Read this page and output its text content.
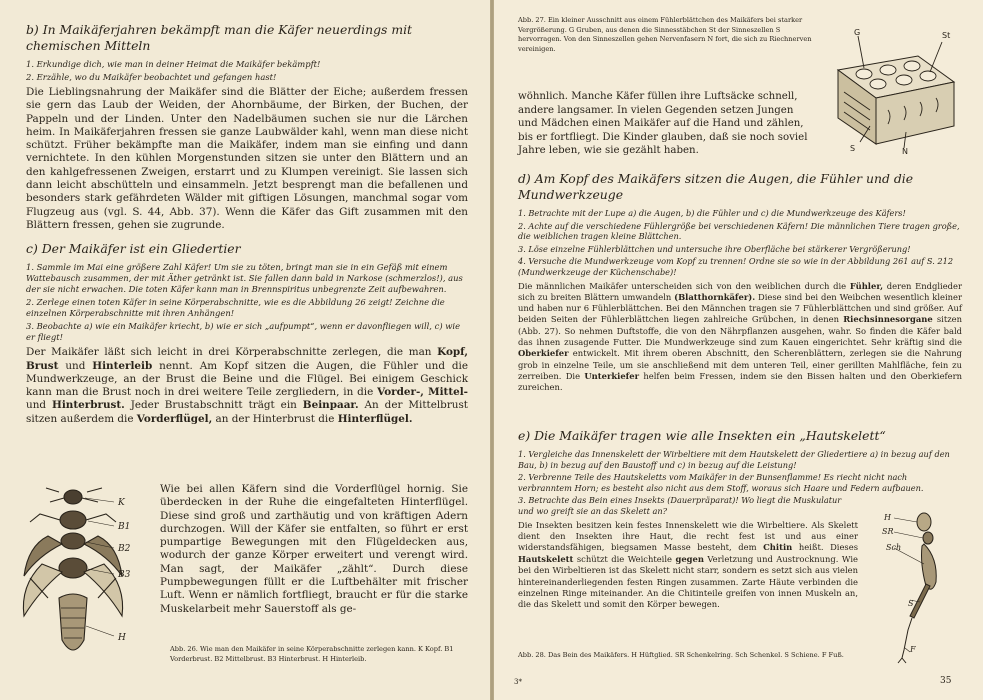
b) In Maikäferjahren bekämpft man die Käfer neuerdings mit chemischen Mitteln

1. Erkundige dich, wie man in deiner Heimat die Maikäfer bekämpft!

2. Erzähle, wo du Maikäfer beobachtet und gefangen hast!

Die Lieblingsnahrung der Maikäfer sind die Blätter der Eiche; außerdem fressen sie gern das Laub der Weiden, der Ahornbäume, der Birken, der Buchen, der Pappeln und der Linden. Unter den Nadelbäumen suchen sie nur die Lärchen heim. In Maikäferjahren fressen sie ganze Laubwälder kahl, wenn man diese nicht schützt. Früher bekämpfte man die Maikäfer, indem man sie einfing und dann vernichtete. In den kühlen Morgenstunden sitzen sie unter den Blättern und an den kahlgefressenen Zweigen, erstarrt und zu Klumpen vereinigt. Sie lassen sich dann leicht abschütteln und einsammeln. Jetzt besprengt man die befallenen und besonders stark gefährdeten Wälder mit giftigen Lösungen, manchmal sogar vom Flugzeug aus (vgl. S. 44, Abb. 37). Wenn die Käfer das Gift zusammen mit den Blättern fressen, gehen sie zugrunde.

c) Der Maikäfer ist ein Gliedertier

1. Sammle im Mai eine größere Zahl Käfer! Um sie zu töten, bringt man sie in ein Gefäß mit einem Wattebausch zusammen, der mit Äther getränkt ist. Sie fallen dann bald in Narkose (schmerzlos!), aus der sie nicht erwachen. Die toten Käfer kann man in Brennspiritus unbegrenzte Zeit aufbewahren.

2. Zerlege einen toten Käfer in seine Körperabschnitte, wie es die Abbildung 26 zeigt! Zeichne die einzelnen Körperabschnitte mit ihren Anhängen!

3. Beobachte a) wie ein Maikäfer kriecht, b) wie er sich „aufpumpt“, wenn er davonfliegen will, c) wie er fliegt!

Der Maikäfer läßt sich leicht in drei Körperabschnitte zerlegen, die man Kopf, Brust und Hinterleib nennt. Am Kopf sitzen die Augen, die Fühler und die Mundwerkzeuge, an der Brust die Beine und die Flügel. Bei einigem Geschick kann man die Brust noch in drei weitere Teile zergliedern, in die Vorder-, Mittel- und Hinterbrust. Jeder Brustabschnitt trägt ein Beinpaar. An der Mittelbrust sitzen außerdem die Vorderflügel, an der Hinterbrust die Hinterflügel.

K
B1
B2
B3
H

Wie bei allen Käfern sind die Vorderflügel hornig. Sie überdecken in der Ruhe die eingefalteten Hinterflügel. Diese sind groß und zarthäutig und von kräftigen Adern durchzogen. Will der Käfer sie entfalten, so führt er erst pumpartige Bewegungen mit den Flügeldecken aus, wodurch der ganze Körper erweitert und verengt wird. Man sagt, der Maikäfer „zählt“. Durch diese Pumpbewegungen füllt er die Luftbehälter mit frischer Luft. Wenn er nämlich fortfliegt, braucht er für die starke Muskelarbeit mehr Sauerstoff als ge-

Abb. 26. Wie man den Maikäfer in seine Körperabschnitte zerlegen kann. K Kopf. B1 Vorderbrust. B2 Mittelbrust. B3 Hinterbrust. H Hinterleib.
Abb. 27. Ein kleiner Ausschnitt aus einem Fühlerblättchen des Maikäfers bei starker Vergrößerung. G Gruben, aus denen die Sinnesstäbchen St der Sinneszellen S hervorragen. Von den Sinneszellen gehen Nervenfasern N fort, die sich zu Riechnerven vereinigen.
G	St
S	N

wöhnlich. Manche Käfer füllen ihre Luftsäcke schnell,

andere langsamer. In vielen Gegenden setzen Jungen

und Mädchen einen Maikäfer auf die Hand und zählen,

bis er fortfliegt. Die Kinder glauben, daß sie noch soviel

Jahre leben, wie sie gezählt haben.

d) Am Kopf des Maikäfers sitzen die Augen, die Fühler und die Mundwerkzeuge

1. Betrachte mit der Lupe a) die Augen, b) die Fühler und c) die Mundwerkzeuge des Käfers!

2. Achte auf die verschiedene Fühlergröße bei verschiedenen Käfern! Die männlichen Tiere tragen große, die weiblichen tragen kleine Blättchen.

3. Löse einzelne Fühlerblättchen und untersuche ihre Oberfläche bei stärkerer Vergrößerung!

4. Versuche die Mundwerkzeuge vom Kopf zu trennen! Ordne sie so wie in der Abbildung 261 auf S. 212 (Mundwerkzeuge der Küchenschabe)!

Die männlichen Maikäfer unterscheiden sich von den weiblichen durch die Fühler, deren Endglieder sich zu breiten Blättern umwandeln (Blatthornkäfer). Diese sind bei den Weibchen wesentlich kleiner und haben nur 6 Fühlerblättchen. Bei den Männchen tragen sie 7 Fühlerblättchen und sind größer. Auf beiden Seiten der Fühlerblättchen liegen zahlreiche Grübchen, in denen Riechsinnesorgane sitzen (Abb. 27). So nehmen Duftstoffe, die von den Nährpflanzen ausgehen, wahr. So finden die Käfer bald das ihnen zusagende Futter. Die Mundwerkzeuge sind zum Kauen eingerichtet. Sehr kräftig sind die Oberkiefer entwickelt. Mit ihrem oberen Abschnitt, den Scherenblättern, zerlegen sie die Nahrung grob in einzelne Teile, um sie anschließend mit dem unteren Teil, einer gerillten Mahlfläche, fein zu zerreiben. Die Unterkiefer helfen beim Fressen, indem sie den Bissen halten und den Oberkiefern zureichen.

e) Die Maikäfer tragen wie alle Insekten ein „Hautskelett“

1. Vergleiche das Innenskelett der Wirbeltiere mit dem Hautskelett der Gliedertiere a) in bezug auf den Bau, b) in bezug auf den Baustoff und c) in bezug auf die Leistung!

2. Verbrenne Teile des Hautskeletts vom Maikäfer in der Bunsenflamme! Es riecht nicht nach verbranntem Horn; es besteht also nicht aus dem Stoff, woraus sich Haare und Federn aufbauen.

3. Betrachte das Bein eines Insekts (Dauerpräparat)! Wo liegt die Muskulatur und wo greift sie an das Skelett an?

Die Insekten besitzen kein festes Innenskelett wie die Wirbeltiere. Als Skelett dient den Insekten ihre Haut, die recht fest ist und aus einer widerstandsfähigen, biegsamen Masse besteht, dem Chitin heißt. Dieses Hautskelett schützt die Weichteile gegen Verletzung und Austrocknung. Wie bei den Wirbeltieren ist das Skelett nicht starr, sondern es setzt sich aus vielen hintereinanderliegenden festen Ringen zusammen. Zarte Häute verbinden die einzelnen Ringe miteinander. An die Chitinteile greifen von innen Muskeln an, die das Skelett und somit den Körper bewegen.

H
SR
Sch
S
F
Abb. 28. Das Bein des Maikäfers. H Hüftglied. SR Schenkelring. Sch Schenkel. S Schiene. F Fuß.
3*	35
